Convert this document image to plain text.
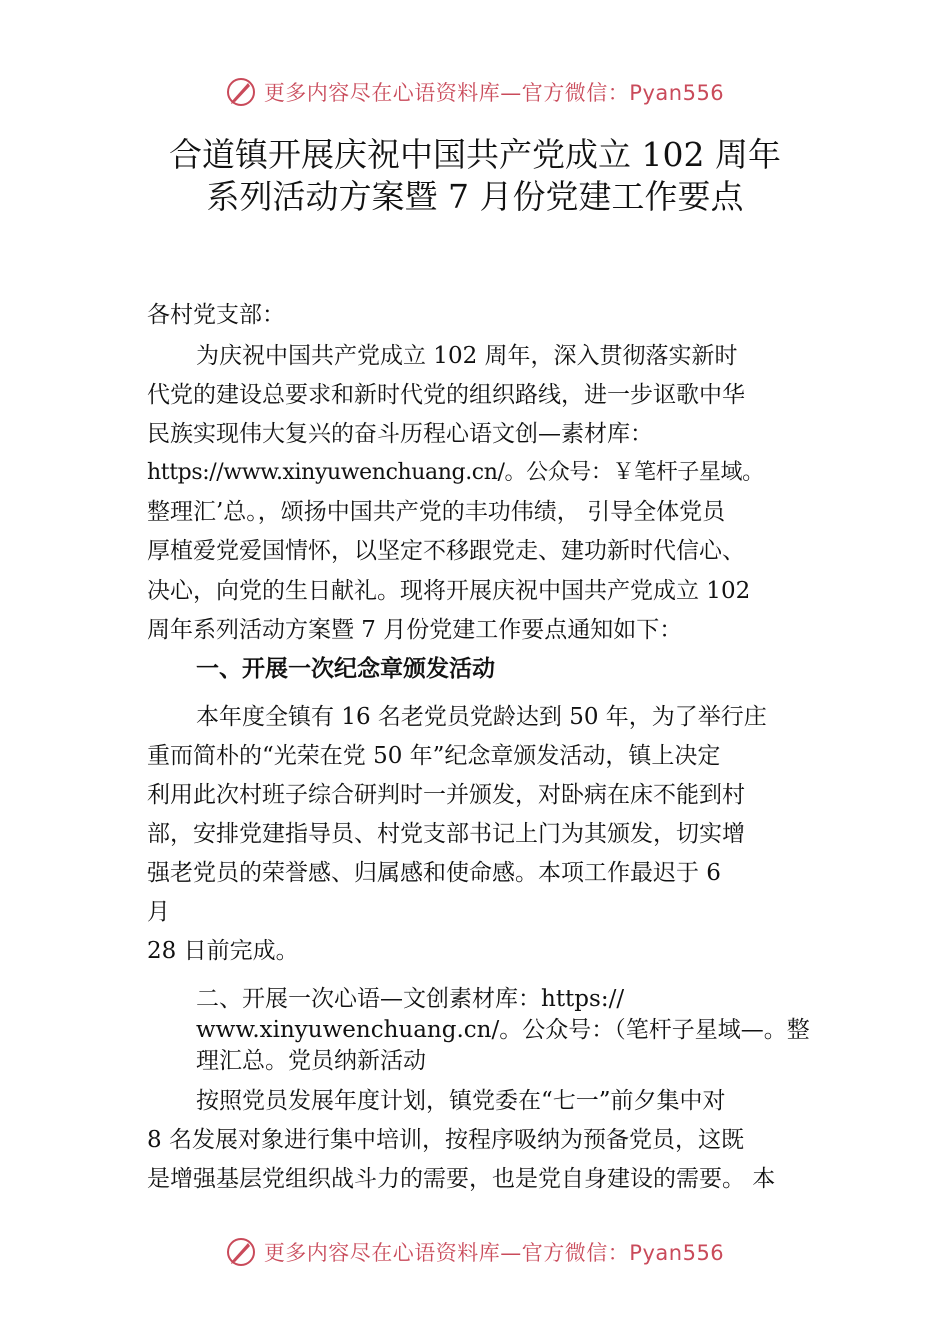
更多内容尽在心语资料库—官方微信：Pyan556
合道镇开展庆祝中国共产党成立 102 周年
系列活动方案暨 7 月份党建工作要点
各村党支部：
为庆祝中国共产党成立 102 周年，深入贯彻落实新时
代党的建设总要求和新时代党的组织路线，进一步讴歌中华
民族实现伟大复兴的奋斗历程心语文创—素材库：
https://www.xinyuwenchuang.cn/。公众号：￥笔杆子星域。
整理汇’总。，颂扬中国共产党的丰功伟绩， 引导全体党员
厚植爱党爱国情怀，以坚定不移跟党走、建功新时代信心、
决心，向党的生日献礼。现将开展庆祝中国共产党成立 102
周年系列活动方案暨 7 月份党建工作要点通知如下：
一、开展一次纪念章颁发活动
本年度全镇有 16 名老党员党龄达到 50 年，为了举行庄
重而简朴的“光荣在党 50 年”纪念章颁发活动，镇上决定
利用此次村班子综合研判时一并颁发，对卧病在床不能到村
部，安排党建指导员、村党支部书记上门为其颁发，切实增
强老党员的荣誉感、归属感和使命感。本项工作最迟于 6
月
28 日前完成。
二、开展一次心语—文创素材库：https://
www.xinyuwenchuang.cn/。公众号：（笔杆子星域—。整
理汇总。党员纳新活动
按照党员发展年度计划，镇党委在“七一”前夕集中对
8 名发展对象进行集中培训，按程序吸纳为预备党员，这既
是增强基层党组织战斗力的需要，也是党自身建设的需要。 本
更多内容尽在心语资料库—官方微信：Pyan556
